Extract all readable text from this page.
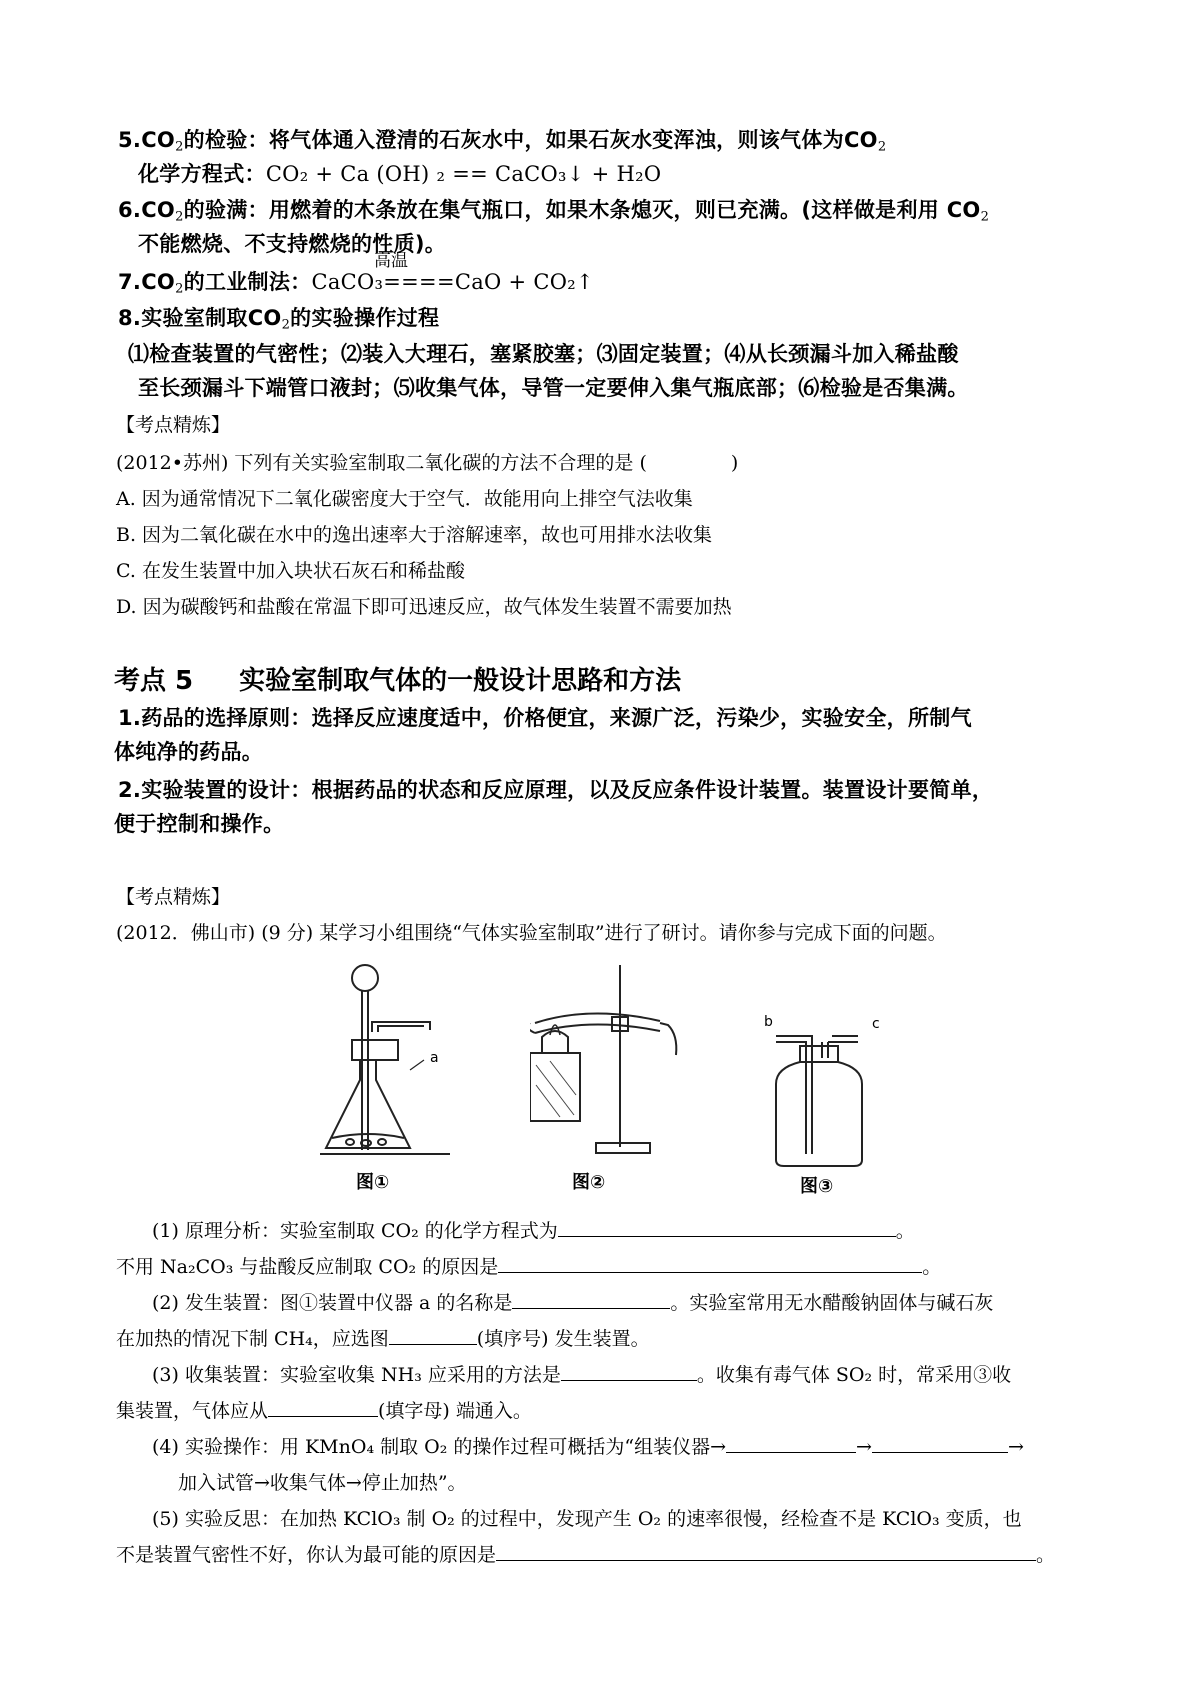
$5.CO_2$的检验：将气体通入澄清的石灰水中，如果石灰水变浑浊，则该气体为$CO_2$
化学方程式：CO₂ + Ca (OH) ₂ == CaCO₃↓ + H₂O
$6.CO_2$的验满：用燃着的木条放在集气瓶口，如果木条熄灭，则已充满。(这样做是利用 $CO_2$
不能燃烧、不支持燃烧的性质)。
高温
$7.CO_2$的工业制法：CaCO₃====CaO + CO₂↑
8.实验室制取$CO_2$的实验操作过程
⑴检查装置的气密性；⑵装入大理石，塞紧胶塞；⑶固定装置；⑷从长颈漏斗加入稀盐酸
至长颈漏斗下端管口液封；⑸收集气体，导管一定要伸入集气瓶底部；⑹检验是否集满。
【考点精炼】
(2012•苏州) 下列有关实验室制取二氧化碳的方法不合理的是 (	)
A. 因为通常情况下二氧化碳密度大于空气．故能用向上排空气法收集
B. 因为二氧化碳在水中的逸出速率大于溶解速率，故也可用排水法收集
C. 在发生装置中加入块状石灰石和稀盐酸
D. 因为碳酸钙和盐酸在常温下即可迅速反应，故气体发生装置不需要加热
考点 5 实验室制取气体的一般设计思路和方法
1.药品的选择原则：选择反应速度适中，价格便宜，来源广泛，污染少，实验安全，所制气
体纯净的药品。
2.实验装置的设计：根据药品的状态和反应原理，以及反应条件设计装置。装置设计要简单，
便于控制和操作。
【考点精炼】
(2012．佛山市) (9 分) 某学习小组围绕“气体实验室制取”进行了研讨。请你参与完成下面的问题。
a
图①	图②
b	c
图③
(1) 原理分析：实验室制取 CO₂ 的化学方程式为	。
不用 Na₂CO₃ 与盐酸反应制取 CO₂ 的原因是	。
(2) 发生装置：图①装置中仪器 a 的名称是	。实验室常用无水醋酸钠固体与碱石灰
在加热的情况下制 CH₄，应选图	(填序号) 发生装置。
(3) 收集装置：实验室收集 NH₃ 应采用的方法是	。收集有毒气体 SO₂ 时，常采用③收
集装置，气体应从	(填字母) 端通入。
(4) 实验操作：用 KMnO₄ 制取 O₂ 的操作过程可概括为“组装仪器→	→	→
加入试管→收集气体→停止加热”。
(5) 实验反思：在加热 KClO₃ 制 O₂ 的过程中，发现产生 O₂ 的速率很慢，经检查不是 KClO₃ 变质，也
不是装置气密性不好，你认为最可能的原因是	。
